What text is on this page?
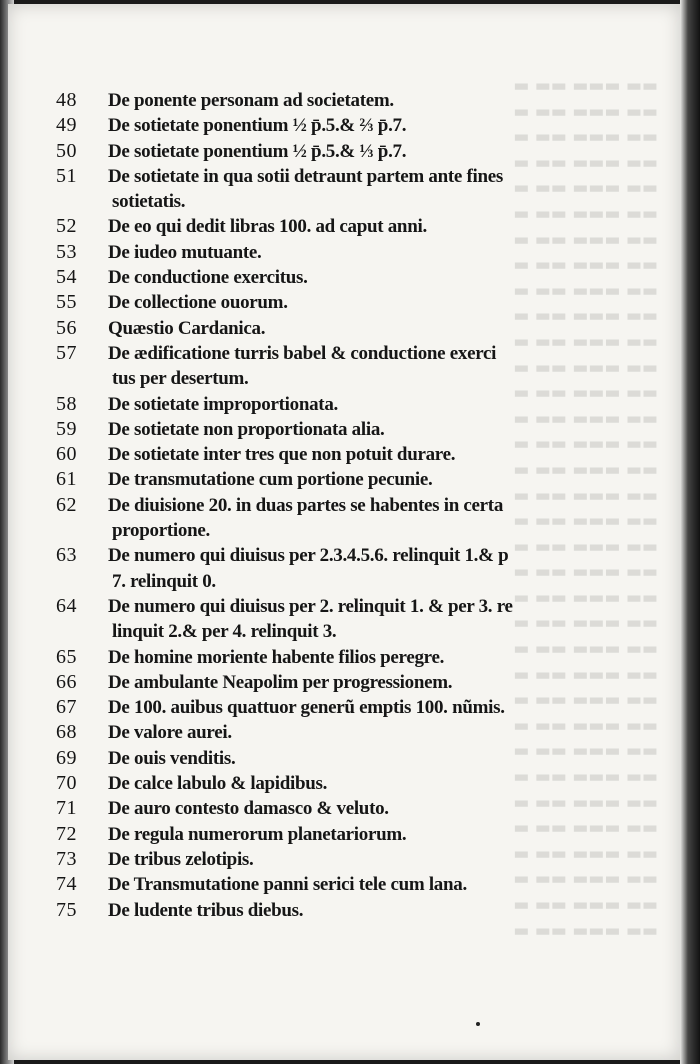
▬▬ ▬▬▬ ▬▬ ▬
▬▬ ▬▬▬ ▬▬ ▬
▬▬ ▬▬▬ ▬▬ ▬
▬▬ ▬▬▬ ▬▬ ▬
▬▬ ▬▬▬ ▬▬ ▬
▬▬ ▬▬▬ ▬▬ ▬
▬▬ ▬▬▬ ▬▬ ▬
▬▬ ▬▬▬ ▬▬ ▬
▬▬ ▬▬▬ ▬▬ ▬
▬▬ ▬▬▬ ▬▬ ▬
▬▬ ▬▬▬ ▬▬ ▬
▬▬ ▬▬▬ ▬▬ ▬
▬▬ ▬▬▬ ▬▬ ▬
▬▬ ▬▬▬ ▬▬ ▬
▬▬ ▬▬▬ ▬▬ ▬
▬▬ ▬▬▬ ▬▬ ▬
▬▬ ▬▬▬ ▬▬ ▬
▬▬ ▬▬▬ ▬▬ ▬
▬▬ ▬▬▬ ▬▬ ▬
▬▬ ▬▬▬ ▬▬ ▬
▬▬ ▬▬▬ ▬▬ ▬
▬▬ ▬▬▬ ▬▬ ▬
▬▬ ▬▬▬ ▬▬ ▬
▬▬ ▬▬▬ ▬▬ ▬
▬▬ ▬▬▬ ▬▬ ▬
▬▬ ▬▬▬ ▬▬ ▬
▬▬ ▬▬▬ ▬▬ ▬
▬▬ ▬▬▬ ▬▬ ▬
▬▬ ▬▬▬ ▬▬ ▬
▬▬ ▬▬▬ ▬▬ ▬
▬▬ ▬▬▬ ▬▬ ▬
▬▬ ▬▬▬ ▬▬ ▬
▬▬ ▬▬▬ ▬▬ ▬
▬▬ ▬▬▬ ▬▬ ▬
48	De ponente personam ad societatem.
49	De sotietate ponentium ½ p̄.5.& ⅔ p̄.7.
50	De sotietate ponentium ½ p̄.5.& ⅓ p̄.7.
51	De sotietate in qua sotii detraunt partem ante fines
sotietatis.
52	De eo qui dedit libras 100. ad caput anni.
53	De iudeo mutuante.
54	De conductione exercitus.
55	De collectione ouorum.
56	Quæstio Cardanica.
57	De ædificatione turris babel & conductione exerci
tus per desertum.
58	De sotietate improportionata.
59	De sotietate non proportionata alia.
60	De sotietate inter tres que non potuit durare.
61	De transmutatione cum portione pecunie.
62	De diuisione 20. in duas partes se habentes in certa
proportione.
63	De numero qui diuisus per 2.3.4.5.6. relinquit 1.& p
7. relinquit 0.
64	De numero qui diuisus per 2. relinquit 1. & per 3. re
linquit 2.& per 4. relinquit 3.
65	De homine moriente habente filios peregre.
66	De ambulante Neapolim per progressionem.
67	De 100. auibus quattuor generũ emptis 100. nũmis.
68	De valore aurei.
69	De ouis venditis.
70	De calce labulo & lapidibus.
71	De auro contesto damasco & veluto.
72	De regula numerorum planetariorum.
73	De tribus zelotipis.
74	De Transmutatione panni serici tele cum lana.
75	De ludente tribus diebus.
